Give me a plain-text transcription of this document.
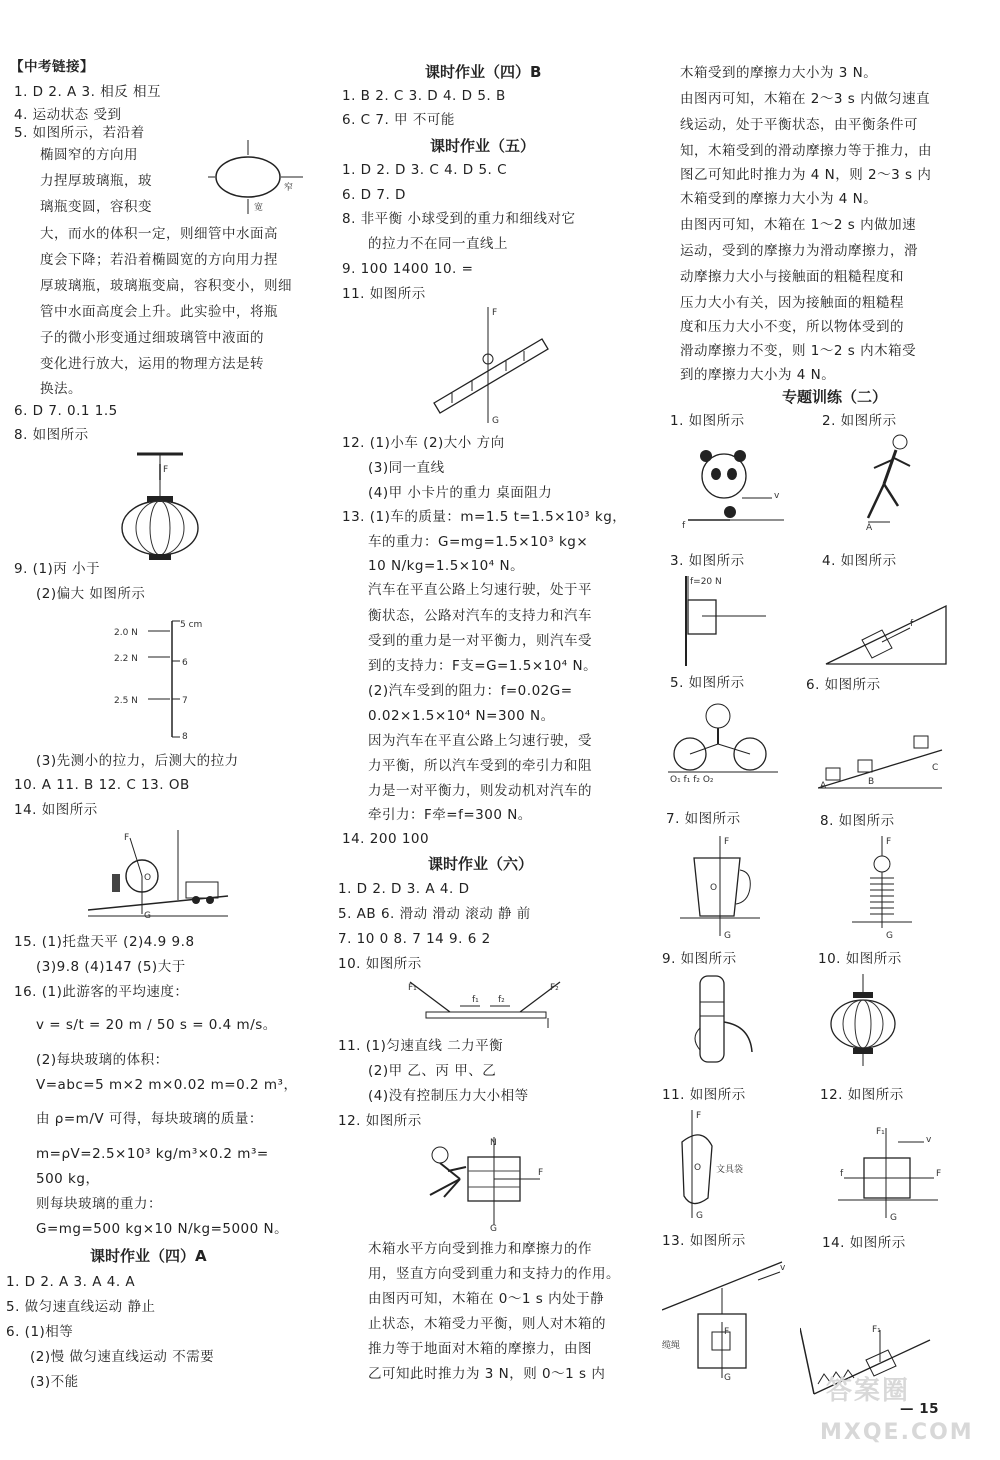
【中考链接】
1. D 2. A 3. 相反 相互
4. 运动状态 受到
5. 如图所示，若沿着
椭圆窄的方向用
力捏厚玻璃瓶，玻
璃瓶变圆，容积变
大，而水的体积一定，则细管中水面高
度会下降；若沿着椭圆宽的方向用力捏
厚玻璃瓶，玻璃瓶变扁，容积变小，则细
管中水面高度会上升。此实验中，将瓶
子的微小形变通过细玻璃管中液面的
变化进行放大，运用的物理方法是转
换法。
6. D 7. 0.1 1.5
8. 如图所示
窄
宽
F
9. (1)丙 小于
(2)偏大 如图所示
2.0 N
2.2 N
2.5 N
5 cm
6
7
8
(3)先测小的拉力，后测大的拉力
10. A 11. B 12. C 13. OB
14. 如图所示
O
F
G
15. (1)托盘天平 (2)4.9 9.8
(3)9.8 (4)147 (5)大于
16. (1)此游客的平均速度：
v = s/t = 20 m / 50 s = 0.4 m/s。
(2)每块玻璃的体积：
V=abc=5 m×2 m×0.02 m=0.2 m³，
由 ρ=m/V 可得，每块玻璃的质量：
m=ρV=2.5×10³ kg/m³×0.2 m³=
500 kg，
则每块玻璃的重力：
G=mg=500 kg×10 N/kg=5000 N。
课时作业（四）A
1. D 2. A 3. A 4. A
5. 做匀速直线运动 静止
6. (1)相等
(2)慢 做匀速直线运动 不需要
(3)不能
课时作业（四）B
1. B 2. C 3. D 4. D 5. B
6. C 7. 甲 不可能
课时作业（五）
1. D 2. D 3. C 4. D 5. C
6. D 7. D
8. 非平衡 小球受到的重力和细线对它
的拉力不在同一直线上
9. 100 1400 10. =
11. 如图所示
F
G
12. (1)小车 (2)大小 方向
(3)同一直线
(4)甲 小卡片的重力 桌面阻力
13. (1)车的质量：m=1.5 t=1.5×10³ kg，
车的重力：G=mg=1.5×10³ kg×
10 N/kg=1.5×10⁴ N。
汽车在平直公路上匀速行驶，处于平
衡状态，公路对汽车的支持力和汽车
受到的重力是一对平衡力，则汽车受
到的支持力：F支=G=1.5×10⁴ N。
(2)汽车受到的阻力：f=0.02G=
0.02×1.5×10⁴ N=300 N。
因为汽车在平直公路上匀速行驶，受
力平衡，所以汽车受到的牵引力和阻
力是一对平衡力，则发动机对汽车的
牵引力：F牵=f=300 N。
14. 200 100
课时作业（六）
1. D 2. D 3. A 4. D
5. AB 6. 滑动 滑动 滚动 静 前
7. 10 0 8. 7 14 9. 6 2
10. 如图所示
F₁	F₂
f₁ f₂
11. (1)匀速直线 二力平衡
(2)甲 乙、丙 甲、乙
(4)没有控制压力大小相等
12. 如图所示
N
G
F
木箱水平方向受到推力和摩擦力的作
用，竖直方向受到重力和支持力的作用。
由图丙可知，木箱在 0～1 s 内处于静
止状态，木箱受力平衡，则人对木箱的
推力等于地面对木箱的摩擦力，由图
乙可知此时推力为 3 N，则 0～1 s 内
木箱受到的摩擦力大小为 3 N。
由图丙可知，木箱在 2～3 s 内做匀速直
线运动，处于平衡状态，由平衡条件可
知，木箱受到的滑动摩擦力等于推力，由
图乙可知此时推力为 4 N，则 2～3 s 内
木箱受到的摩擦力大小为 4 N。
由图丙可知，木箱在 1～2 s 内做加速
运动，受到的摩擦力为滑动摩擦力，滑
动摩擦力大小与接触面的粗糙程度和
压力大小有关，因为接触面的粗糙程
度和压力大小不变，所以物体受到的
滑动摩擦力不变，则 1～2 s 内木箱受
到的摩擦力大小为 4 N。
专题训练（二）
1. 如图所示	2. 如图所示
v
f	A
3. 如图所示	4. 如图所示
f=20 N
f
5. 如图所示	6. 如图所示
O₁ f₁ f₂ O₂
A	B
C
7. 如图所示	8. 如图所示
F
G
O
F
G
9. 如图所示	10. 如图所示
11. 如图所示	12. 如图所示
F
G
O 文具袋
F₁
G
f	F
v
13. 如图所示	14. 如图所示
F
G
缆绳
v
F₁
— 15
答案圈
MXQE.COM
